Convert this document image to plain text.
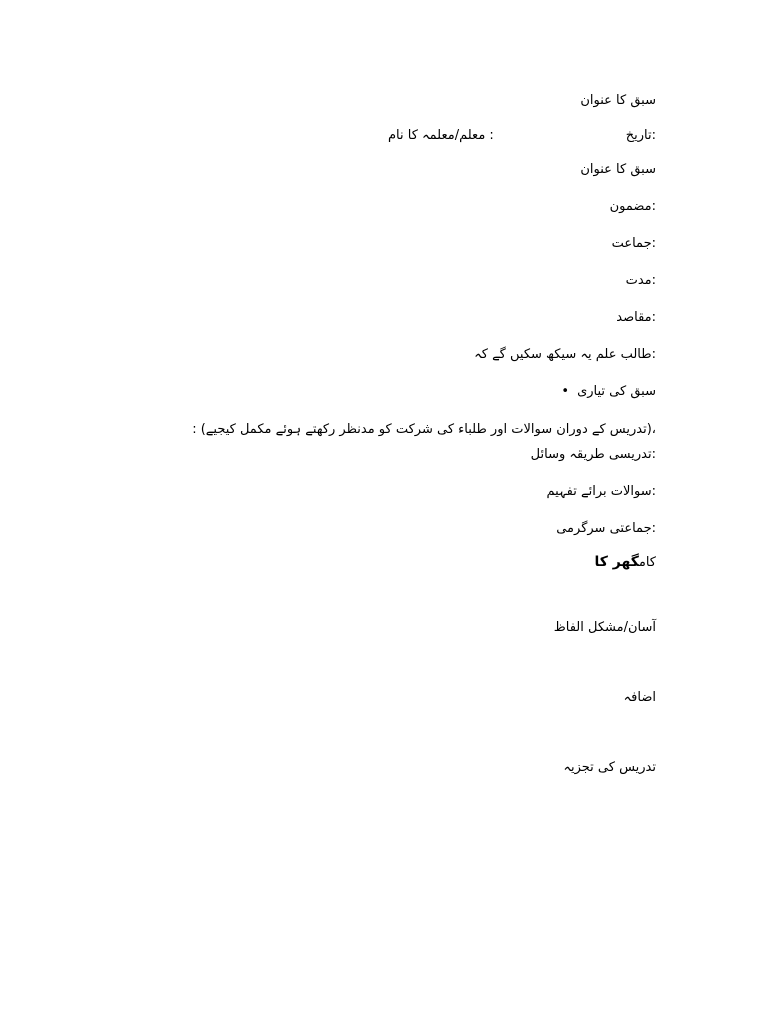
سبق کا عنوان
:تاریخ
: معلم/معلمہ کا نام
سبق کا عنوان
:مضمون
:جماعت
:مدت
:مقاصد
:طالب علم یہ سیکھ سکیں گے کہ
سبق کی تیاری•
،(تدریس کے دوران سوالات اور طلباء کی شرکت کو مدنظر رکھتے ہوئے مکمل کیجیے) :
:تدریسی طریقہ وسائل
:سوالات برائے تفہیم
:جماعتی سرگرمی
کامگھر کا
آسان/مشکل الفاظ
اضافہ
تدریس کی تجزیہ
